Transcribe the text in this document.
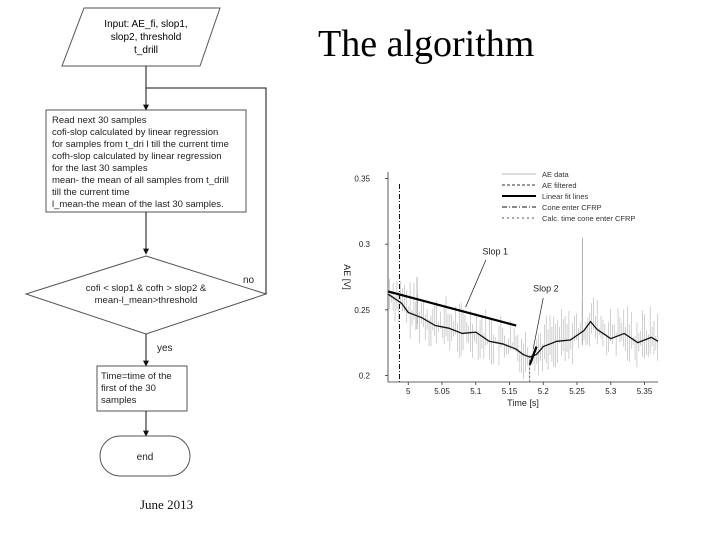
The algorithm
June 2013
Input: AE_fi, slop1,
slop2, threshold
t_drill
Read next 30 samples
cofi-slop calculated by linear regression
for samples from t_dri l till the current time
cofh-slop calculated by linear regression
for the last 30 samples
mean- the mean of all samples from t_drill
till the current time
l_mean-the mean of the last 30 samples.
cofi < slop1 & cofh > slop2 &
mean-l_mean>threshold
no
yes
Time=time of the
first of the 30
samples
end
5	5.05	5.1	5.15	5.2	5.25	5.3	5.35
0.35
0.3
0.25
0.2
AE data
AE filtered
Linear fit lines
Cone enter CFRP
Calc. time cone enter CFRP
Time [s]
AE [V]
Slop 1
Slop 2
